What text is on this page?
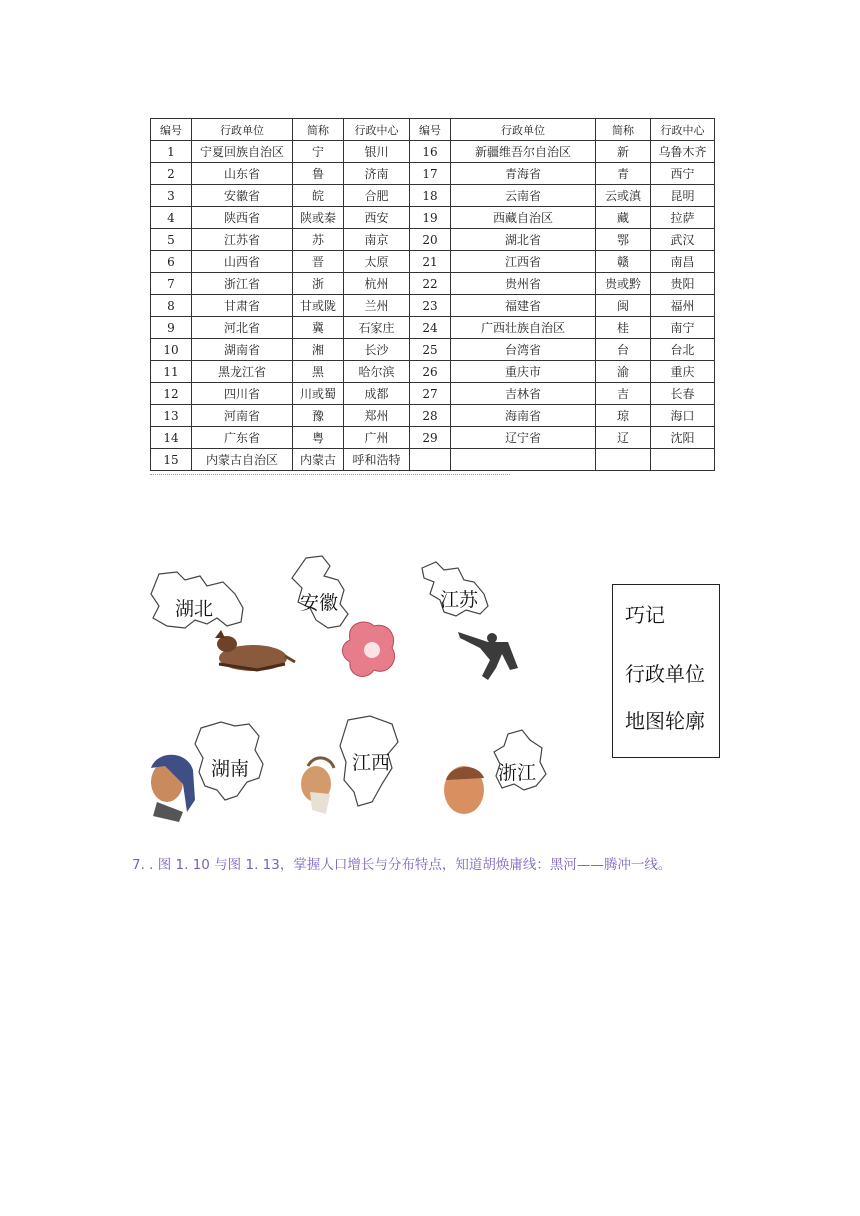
编号	行政单位	简称	行政中心	编号	行政单位	简称	行政中心
1	宁夏回族自治区	宁	银川	16	新疆维吾尔自治区	新	乌鲁木齐
2	山东省	鲁	济南	17	青海省	青	西宁
3	安徽省	皖	合肥	18	云南省	云或滇	昆明
4	陕西省	陕或秦	西安	19	西藏自治区	藏	拉萨
5	江苏省	苏	南京	20	湖北省	鄂	武汉
6	山西省	晋	太原	21	江西省	赣	南昌
7	浙江省	浙	杭州	22	贵州省	贵或黔	贵阳
8	甘肃省	甘或陇	兰州	23	福建省	闽	福州
9	河北省	冀	石家庄	24	广西壮族自治区	桂	南宁
10	湖南省	湘	长沙	25	台湾省	台	台北
11	黑龙江省	黑	哈尔滨	26	重庆市	渝	重庆
12	四川省	川或蜀	成都	27	吉林省	吉	长春
13	河南省	豫	郑州	28	海南省	琼	海口
14	广东省	粤	广州	29	辽宁省	辽	沈阳
15	内蒙古自治区	内蒙古	呼和浩特				
湖北	安徽	江苏
湖南	江西	浙江
巧记
行政单位
地图轮廓
7. . 图 1. 10 与图 1. 13，掌握人口增长与分布特点，知道胡焕庸线：黑河——腾冲一线。
